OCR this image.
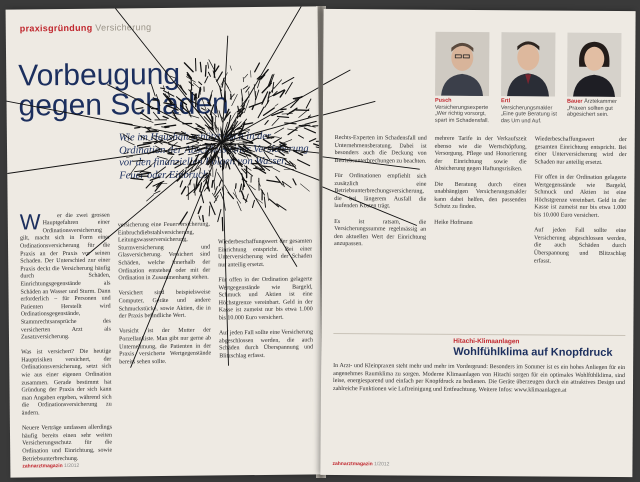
praxisgründung Versicherung
Vorbeugung
gegen Schaden
Wie im Haushalt schützt auch in der Ordination der Abschluss einer Versicherung vor den finanziellen Folgen von Wasser, Feuer oder Einbruch.

W	er die zwei grossen Hauptgefahren einer Ordinationsversicherung gilt, macht sich in Form einer Ordinationsversicherung für die Praxis an der Praxis vor seinen Schaden. Der Unterschied zur einer Praxis deckt die Versicherung häufig durch Schäden, Einrichtungsgegenstände als Schäden an Wasser und Sturm. Dann erforderlich – für Personen und Patienten Herstellt wird Ordinationsgegenstände, Stammrechtsansprüche des versicherten Arzt als Zusatzversicherung.

Was ist versichert? Die heutige Hauptrisiken versichert, der Ordinationsversicherung, setzt sich wie aus einer eigenen Ordination zusammen. Gerade bestimmt hat Gründung der Praxis der sich kann man Angaben ergeben, während sich die Ordinationsversicherung zu ändern.

Neuere Verträge umfassen allerdings häufig bereits einen sehr weiten Versicherungsschutz für die Ordination und Einrichtung, sowie Betriebsunterbrechung.

versicherung eine Feuerversicherung, Einbruchdiebstahlversicherung, Leitungswasserversicherung, Sturmversicherung und Glasversicherung. Versichert sind Schäden, welche innerhalb der Ordination entstehen oder mit der Ordination in Zusammenhang stehen.

Versichert sind beispielsweise Computer, Geräte und andere Schmuckstücke, sowie Aktien, die in der Praxis befindliche Wert.

Vorsicht ist der Mutter der Porzellankiste. Man gibt nur gerne ab Unternehmung, die Patienten in der Praxis versicherte Wertgegenstände bereits sehen sollte.
Wiederbeschaffungswert der gesamten Einrichtung entspricht. Bei einer Unterversicherung wird der Schaden nur anteilig ersetzt.

Für offen in der Ordination gelagerte Wertgegenstände wie Bargeld, Schmuck und Aktien ist eine Höchstgrenze vereinbart. Geld in der Kasse ist zumeist nur bis etwa 1.000 bis 10.000 Euro versichert.

Auf jeden Fall sollte eine Versicherung abgeschlossen werden, die auch Schäden durch Überspannung und Blitzschlag erfasst.
zahnarztmagazin 1/2012
Pusch Versicherungsexperte „Wer richtig vorsorgt, spart im Schadensfall.
Ertl Versicherungsmakler „Eine gute Beratung ist das Um und Auf.
Bauer Ärztekammer „Praxen sollten gut abgesichert sein.
Rechts-Experten im Schadensfall und Unternehmensberatung. Dabei ist besonders auch die Deckung von Betriebsunterbrechungen zu beachten.

Für Ordinationen empfiehlt sich zusätzlich eine Betriebsunterbrechungsversicherung, die bei längerem Ausfall die laufenden Kosten trägt.

Es ist ratsam, die Versicherungssumme regelmässig an den aktuellen Wert der Einrichtung anzupassen.
mehrere Tarife in der Verkaufszeit ebenso wie die Wertschöpfung, Versorgung, Pflege und Honorierung der Einrichtung sowie die Absicherung gegen Haftungsrisiken.

Die Beratung durch einen unabhängigen Versicherungsmakler kann dabei helfen, den passenden Schutz zu finden.

Heike Hofmann
Wiederbeschaffungswert der gesamten Einrichtung entspricht. Bei einer Unterversicherung wird der Schaden nur anteilig ersetzt.

Für offen in der Ordination gelagerte Wertgegenstände wie Bargeld, Schmuck und Aktien ist eine Höchstgrenze vereinbart. Geld in der Kasse ist zumeist nur bis etwa 1.000 bis 10.000 Euro versichert.

Auf jeden Fall sollte eine Versicherung abgeschlossen werden, die auch Schäden durch Überspannung und Blitzschlag erfasst.
Hitachi-Klimaanlagen
Wohlfühlklima auf Knopfdruck
In Arzt- und Kleinpraxen steht mehr und mehr im Vordergrund: Besonders im Sommer ist es ein hohes Anliegen für ein angenehmes Raumklima zu sorgen. Moderne Klimaanlagen von Hitachi sorgen für ein optimales Wohlfühlklima, sind leise, energiesparend und einfach per Knopfdruck zu bedienen. Die Geräte überzeugen durch ein attraktives Design und zahlreiche Funktionen wie Luftreinigung und Entfeuchtung. Weitere Infos: www.klimaanlagen.at
zahnarztmagazin 1/2012
